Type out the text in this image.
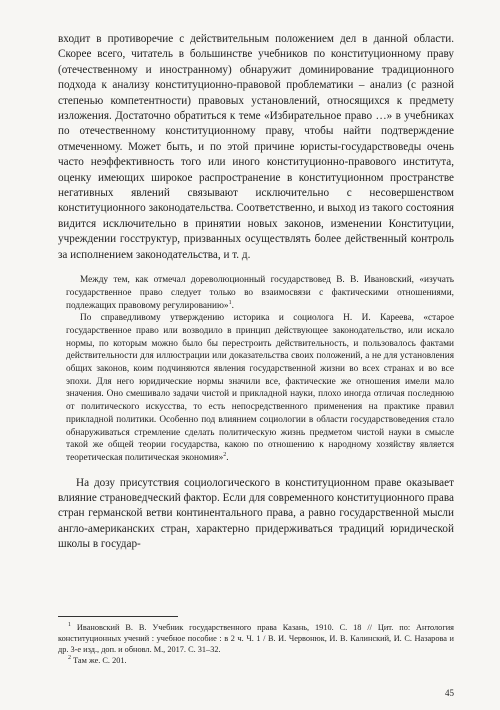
входит в противоречие с действительным положением дел в данной области. Скорее всего, читатель в большинстве учебников по конституционному праву (отечественному и иностранному) обнаружит доминирование традиционного подхода к анализу конституционно-правовой проблематики – анализ (с разной степенью компетентности) правовых установлений, относящихся к предмету изложения. Достаточно обратиться к теме «Избирательное право …» в учебниках по отечественному конституционному праву, чтобы найти подтверждение отмеченному. Может быть, и по этой причине юристы-государствоведы очень часто неэффективность того или иного конституционно-правового института, оценку имеющих широкое распространение в конституционном пространстве негативных явлений связывают исключительно с несовершенством конституционного законодательства. Соответственно, и выход из такого состояния видится исключительно в принятии новых законов, изменении Конституции, учреждении госструктур, призванных осуществлять более действенный контроль за исполнением законодательства, и т. д.

Между тем, как отмечал дореволюционный государствовед В. В. Ивановский, «изучать государственное право следует только во взаимосвязи с фактическими отношениями, подлежащих правовому регулированию»$^1$.

По справедливому утверждению историка и социолога Н. И. Кареева, «старое государственное право или возводило в принцип действующее законодательство, или искало нормы, по которым можно было бы перестроить действительность, и пользовалось фактами действительности для иллюстрации или доказательства своих положений, а не для установления общих законов, коим подчиняются явления государственной жизни во всех странах и во все эпохи. Для него юридические нормы значили все, фактические же отношения имели мало значения. Оно смешивало задачи чистой и прикладной науки, плохо иногда отличая последнюю от политического искусства, то есть непосредственного применения на практике правил прикладной политики. Особенно под влиянием социологии в области государствоведения стало обнаруживаться стремление сделать политическую жизнь предметом чистой науки в смысле такой же общей теории государства, какою по отношению к народному хозяйству является теоретическая политическая экономия»$^2$.

На дозу присутствия социологического в конституционном праве оказывает влияние страноведческий фактор. Если для современного конституционного права стран германской ветви континентального права, а равно государственной мысли англо-американских стран, характерно придерживаться традиций юридической школы в государ-

$^1$ Ивановский В. В. Учебник государственного права Казань, 1910. С. 18 // Цит. по: Антология конституционных учений : учебное пособие : в 2 ч. Ч. 1 / В. И. Червонюк, И. В. Калинский, И. С. Назарова и др. 3-е изд., доп. и обновл. М., 2017. С. 31–32.

$^2$ Там же. С. 201.

45
